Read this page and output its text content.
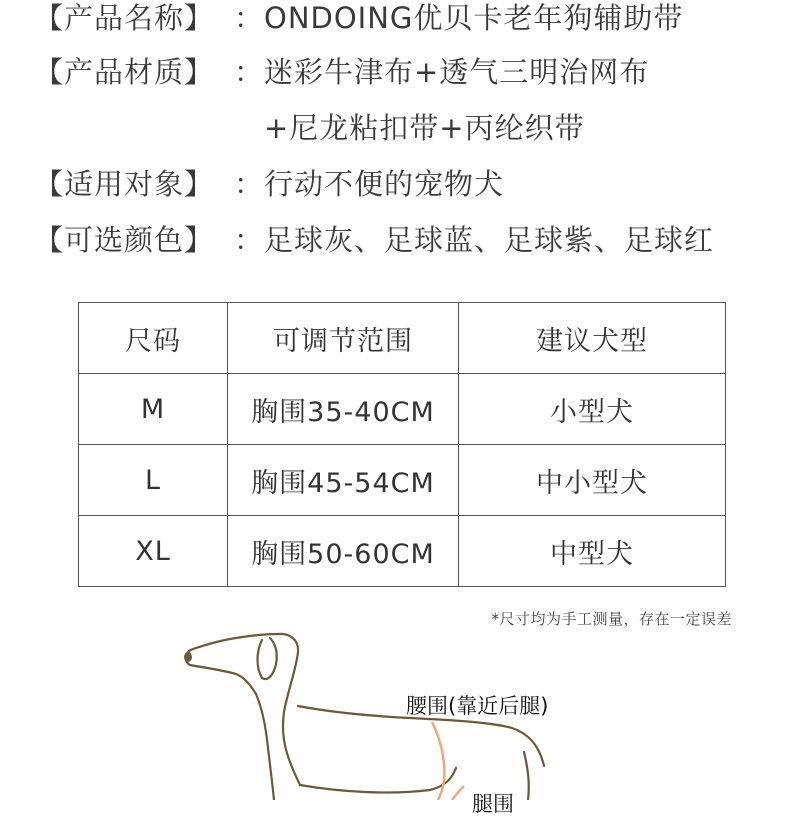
【产品名称】 ：ONDOING优贝卡老年狗辅助带
【产品材质】 ：迷彩牛津布+透气三明治网布
+尼龙粘扣带+丙纶织带
【适用对象】 ：行动不便的宠物犬
【可选颜色】 ：足球灰、足球蓝、足球紫、足球红
尺码	可调节范围	建议犬型
M	胸围35-40CM	小型犬
L	胸围45-54CM	中小型犬
XL	胸围50-60CM	中型犬
*尺寸均为手工测量，存在一定误差
腰围(靠近后腿)
腿围
